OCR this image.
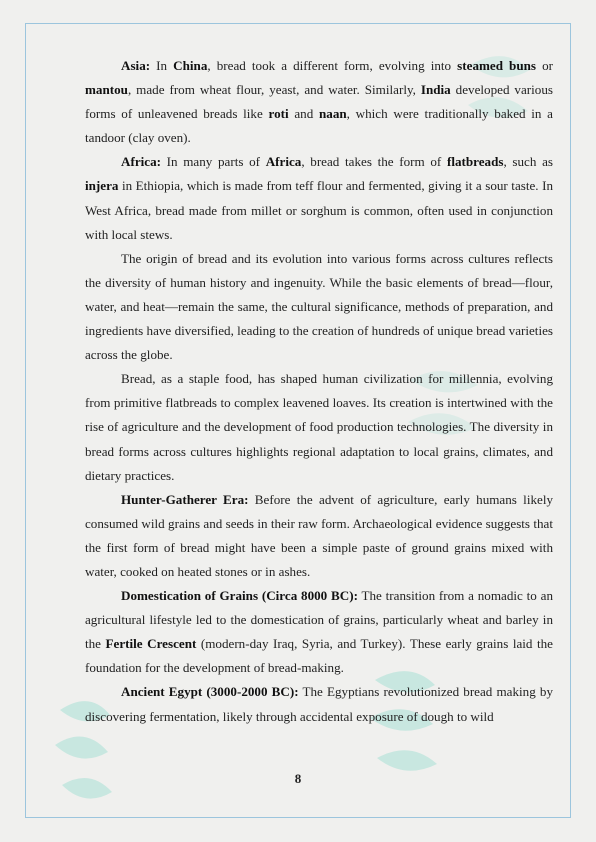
Asia: In China, bread took a different form, evolving into steamed buns or mantou, made from wheat flour, yeast, and water. Similarly, India developed various forms of unleavened breads like roti and naan, which were traditionally baked in a tandoor (clay oven).

Africa: In many parts of Africa, bread takes the form of flatbreads, such as injera in Ethiopia, which is made from teff flour and fermented, giving it a sour taste. In West Africa, bread made from millet or sorghum is common, often used in conjunction with local stews.

The origin of bread and its evolution into various forms across cultures reflects the diversity of human history and ingenuity. While the basic elements of bread—flour, water, and heat—remain the same, the cultural significance, methods of preparation, and ingredients have diversified, leading to the creation of hundreds of unique bread varieties across the globe.

Bread, as a staple food, has shaped human civilization for millennia, evolving from primitive flatbreads to complex leavened loaves. Its creation is intertwined with the rise of agriculture and the development of food production technologies. The diversity in bread forms across cultures highlights regional adaptation to local grains, climates, and dietary practices.

Hunter-Gatherer Era: Before the advent of agriculture, early humans likely consumed wild grains and seeds in their raw form. Archaeological evidence suggests that the first form of bread might have been a simple paste of ground grains mixed with water, cooked on heated stones or in ashes.

Domestication of Grains (Circa 8000 BC): The transition from a nomadic to an agricultural lifestyle led to the domestication of grains, particularly wheat and barley in the Fertile Crescent (modern-day Iraq, Syria, and Turkey). These early grains laid the foundation for the development of bread-making.

Ancient Egypt (3000-2000 BC): The Egyptians revolutionized bread making by discovering fermentation, likely through accidental exposure of dough to wild

8
